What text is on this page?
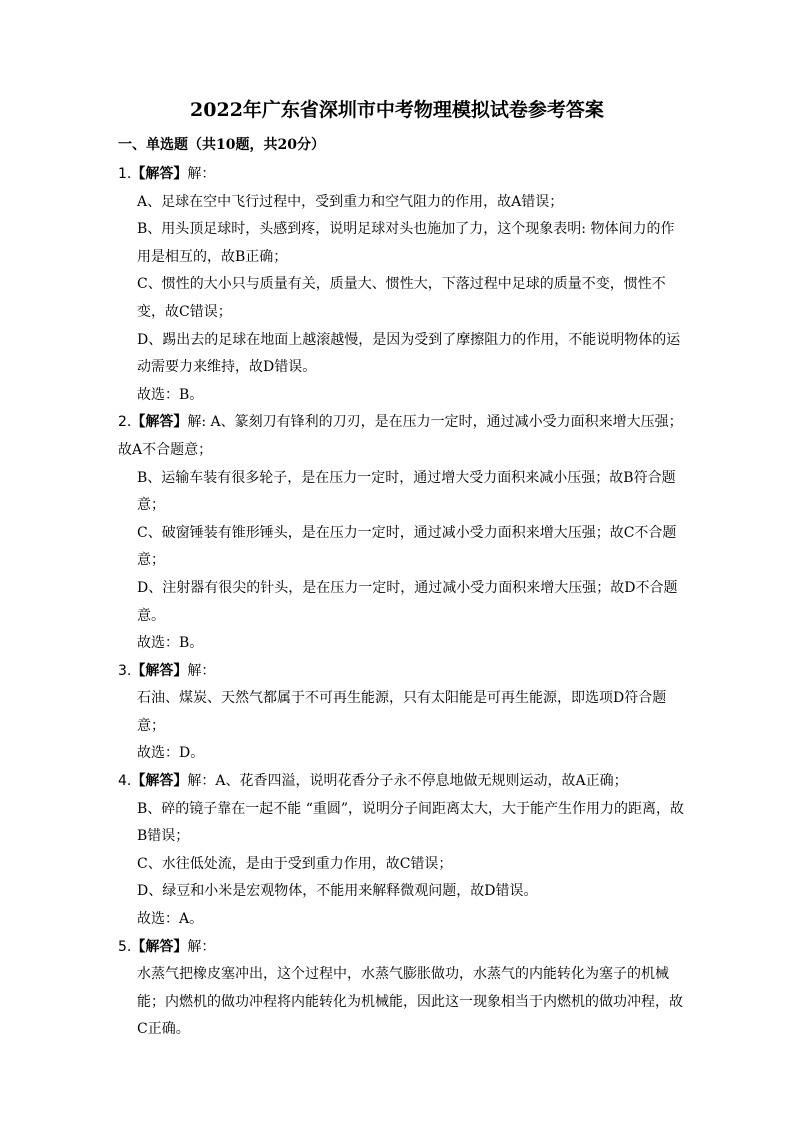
2022年广东省深圳市中考物理模拟试卷参考答案
一、单选题（共10题，共20分）
1.【解答】解：

A、足球在空中飞行过程中，受到重力和空气阻力的作用，故A错误；

B、用头顶足球时，头感到疼，说明足球对头也施加了力，这个现象表明: 物体间力的作用是相互的，故B正确；

C、惯性的大小只与质量有关，质量大、惯性大，下落过程中足球的质量不变，惯性不变，故C错误；

D、踢出去的足球在地面上越滚越慢，是因为受到了摩擦阻力的作用，不能说明物体的运动需要力来维持，故D错误。

故选：B。

2.【解答】解: A、篆刻刀有锋利的刀刃，是在压力一定时，通过减小受力面积来增大压强；故A不合题意；

B、运输车装有很多轮子，是在压力一定时，通过增大受力面积来减小压强；故B符合题意；

C、破窗锤装有锥形锤头，是在压力一定时，通过减小受力面积来增大压强；故C不合题意；

D、注射器有很尖的针头，是在压力一定时，通过减小受力面积来增大压强；故D不合题意。

故选：B。

3.【解答】解：

石油、煤炭、天然气都属于不可再生能源，只有太阳能是可再生能源，即选项D符合题意；

故选：D。

4.【解答】解：A、花香四溢，说明花香分子永不停息地做无规则运动，故A正确；

B、碎的镜子靠在一起不能 “重圆”，说明分子间距离太大，大于能产生作用力的距离，故B错误；

C、水往低处流，是由于受到重力作用，故C错误；

D、绿豆和小米是宏观物体，不能用来解释微观问题，故D错误。

故选：A。

5.【解答】解：

水蒸气把橡皮塞冲出，这个过程中，水蒸气膨胀做功，水蒸气的内能转化为塞子的机械能；内燃机的做功冲程将内能转化为机械能，因此这一现象相当于内燃机的做功冲程，故C正确。
